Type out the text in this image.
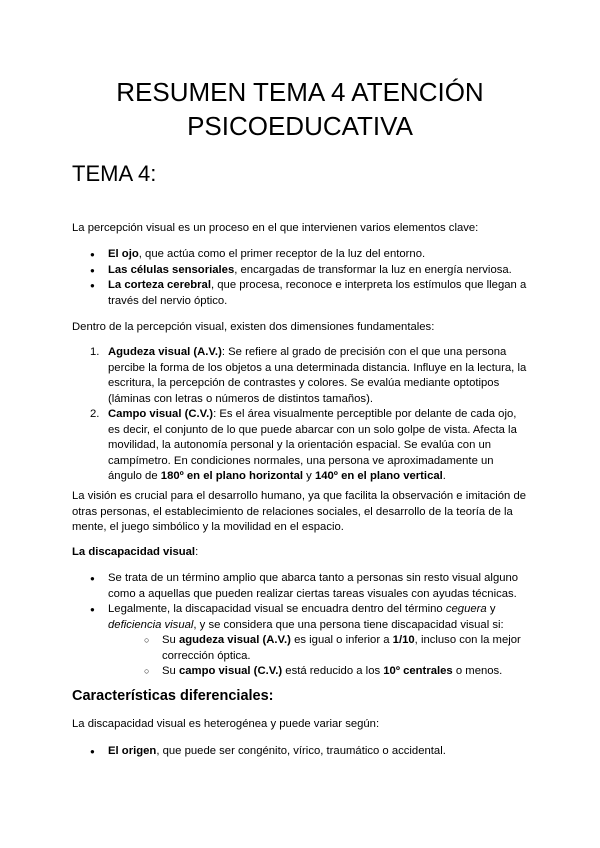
RESUMEN TEMA 4 ATENCIÓN
PSICOEDUCATIVA
TEMA 4:
La percepción visual es un proceso en el que intervienen varios elementos clave:
● El ojo, que actúa como el primer receptor de la luz del entorno.
● Las células sensoriales, encargadas de transformar la luz en energía nerviosa.
● La corteza cerebral, que procesa, reconoce e interpreta los estímulos que llegan a través del nervio óptico.
Dentro de la percepción visual, existen dos dimensiones fundamentales:
1. Agudeza visual (A.V.): Se refiere al grado de precisión con el que una persona percibe la forma de los objetos a una determinada distancia. Influye en la lectura, la escritura, la percepción de contrastes y colores. Se evalúa mediante optotipos (láminas con letras o números de distintos tamaños).
2. Campo visual (C.V.): Es el área visualmente perceptible por delante de cada ojo, es decir, el conjunto de lo que puede abarcar con un solo golpe de vista. Afecta la movilidad, la autonomía personal y la orientación espacial. Se evalúa con un campímetro. En condiciones normales, una persona ve aproximadamente un ángulo de 180º en el plano horizontal y 140º en el plano vertical.
La visión es crucial para el desarrollo humano, ya que facilita la observación e imitación de otras personas, el establecimiento de relaciones sociales, el desarrollo de la teoría de la mente, el juego simbólico y la movilidad en el espacio.
La discapacidad visual:
● Se trata de un término amplio que abarca tanto a personas sin resto visual alguno como a aquellas que pueden realizar ciertas tareas visuales con ayudas técnicas.
● Legalmente, la discapacidad visual se encuadra dentro del término ceguera y deficiencia visual, y se considera que una persona tiene discapacidad visual si:
○ Su agudeza visual (A.V.) es igual o inferior a 1/10, incluso con la mejor corrección óptica.
○ Su campo visual (C.V.) está reducido a los 10º centrales o menos.
Características diferenciales:
La discapacidad visual es heterogénea y puede variar según:
● El origen, que puede ser congénito, vírico, traumático o accidental.
